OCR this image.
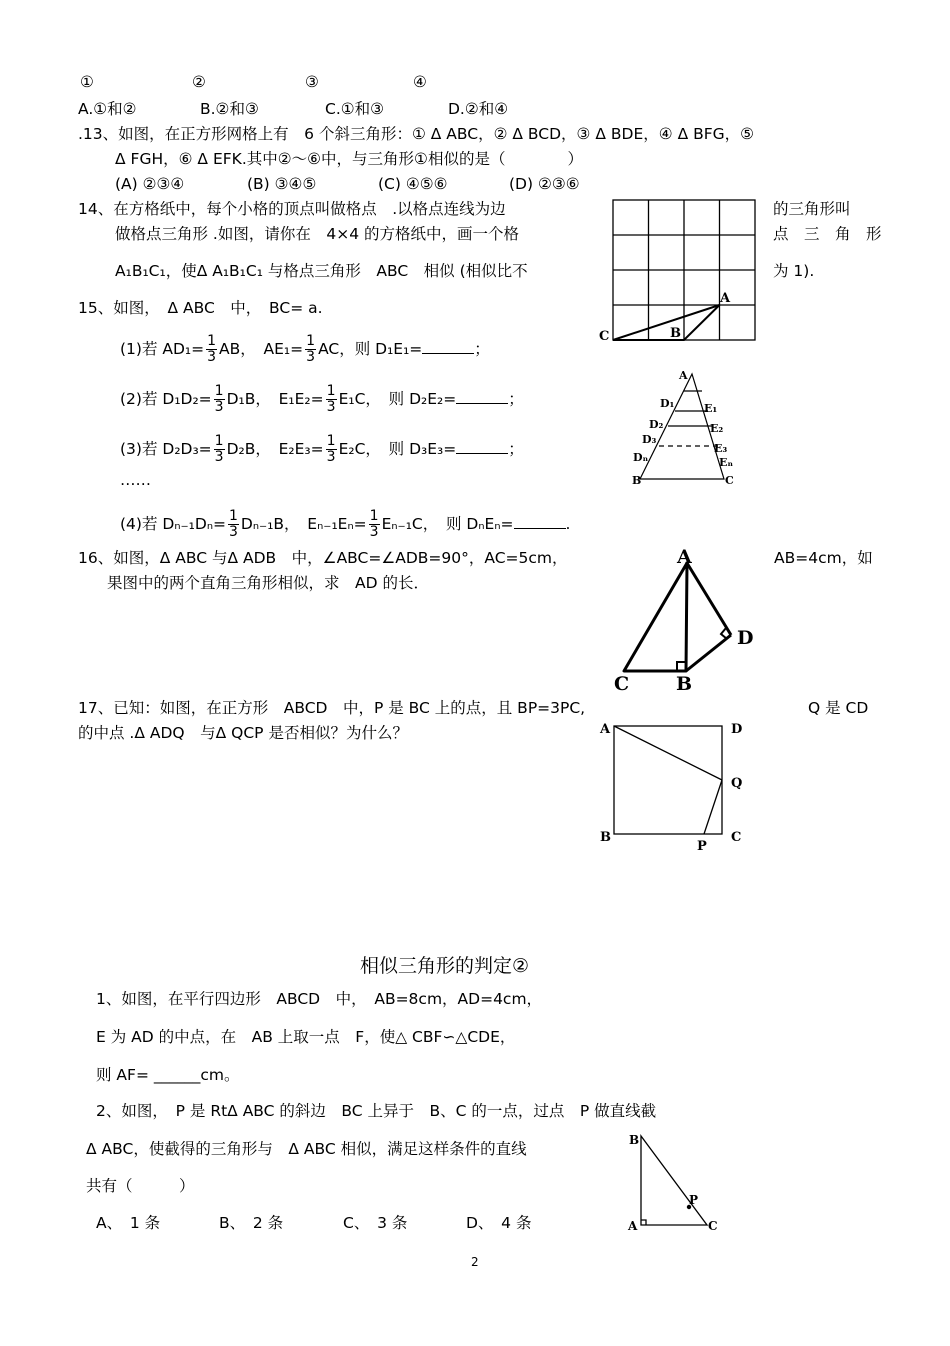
①	②	③	④
A.①和②	B.②和③	C.①和③	D.②和④
.13、如图，在正方形网格上有　6 个斜三角形：① Δ ABC，② Δ BCD，③ Δ BDE，④ Δ BFG，⑤
Δ FGH，⑥ Δ EFK.其中②～⑥中，与三角形①相似的是（　　　　）
(A) ②③④	(B) ③④⑤	(C) ④⑤⑥	(D) ②③⑥
14、在方格纸中，每个小格的顶点叫做格点　.以格点连线为边	的三角形叫
做格点三角形 .如图，请你在　4×4 的方格纸中，画一个格	点　三　角　形
A₁B₁C₁，使Δ A₁B₁C₁ 与格点三角形　ABC　相似 (相似比不	为 1).
A
B
C
15、如图，　Δ ABC　中，　BC= a.
(1)若 $AD_1= \frac{1}{3}$ AB，　$AE_1= \frac{1}{3}$ AC，则 D₁E₁=	；
(2)若 $D_1D_2= \frac{1}{3} D_1B$，　$E_1E_2= \frac{1}{3} E_1C$，　则 D₂E₂=	；
(3)若 $D_2D_3= \frac{1}{3} D_2B$，　$E_2E_3= \frac{1}{3} E_2C$，　则 D₃E₃=	；
……
(4)若 $D_{n-1}D_n= \frac{1}{3} D_{n-1}B$，　$E_{n-1}E_n= \frac{1}{3} E_{n-1}C$，　则 DₙEₙ=	.
A
B	C
D₁	E₁
D₂	E₂
D₃
E₃
Dₙ	Eₙ
16、如图，Δ ABC 与Δ ADB　中，∠ABC=∠ADB=90°，AC=5cm，	AB=4cm，如
果图中的两个直角三角形相似，求　AD 的长．
A
C B
D
17、已知：如图，在正方形　ABCD　中，P 是 BC 上的点，且 BP=3PC,	Q 是 CD
的中点 .Δ ADQ　与Δ QCP 是否相似？为什么？	A	D
Q
B	C
P
相似三角形的判定②
1、如图，在平行四边形　ABCD　中，　AB=8cm，AD=4cm，
E 为 AD 的中点，在　AB 上取一点　F，使△ CBF∽△CDE，
则 AF= ______cm。
2、如图，　P 是 RtΔ ABC 的斜边　BC 上异于　B、C 的一点，过点　P 做直线截
Δ ABC，使截得的三角形与　Δ ABC 相似，满足这样条件的直线
共有（　　　）
A、　1 条	B、　2 条	C、　3 条	D、　4 条
B
A	C
P
2
